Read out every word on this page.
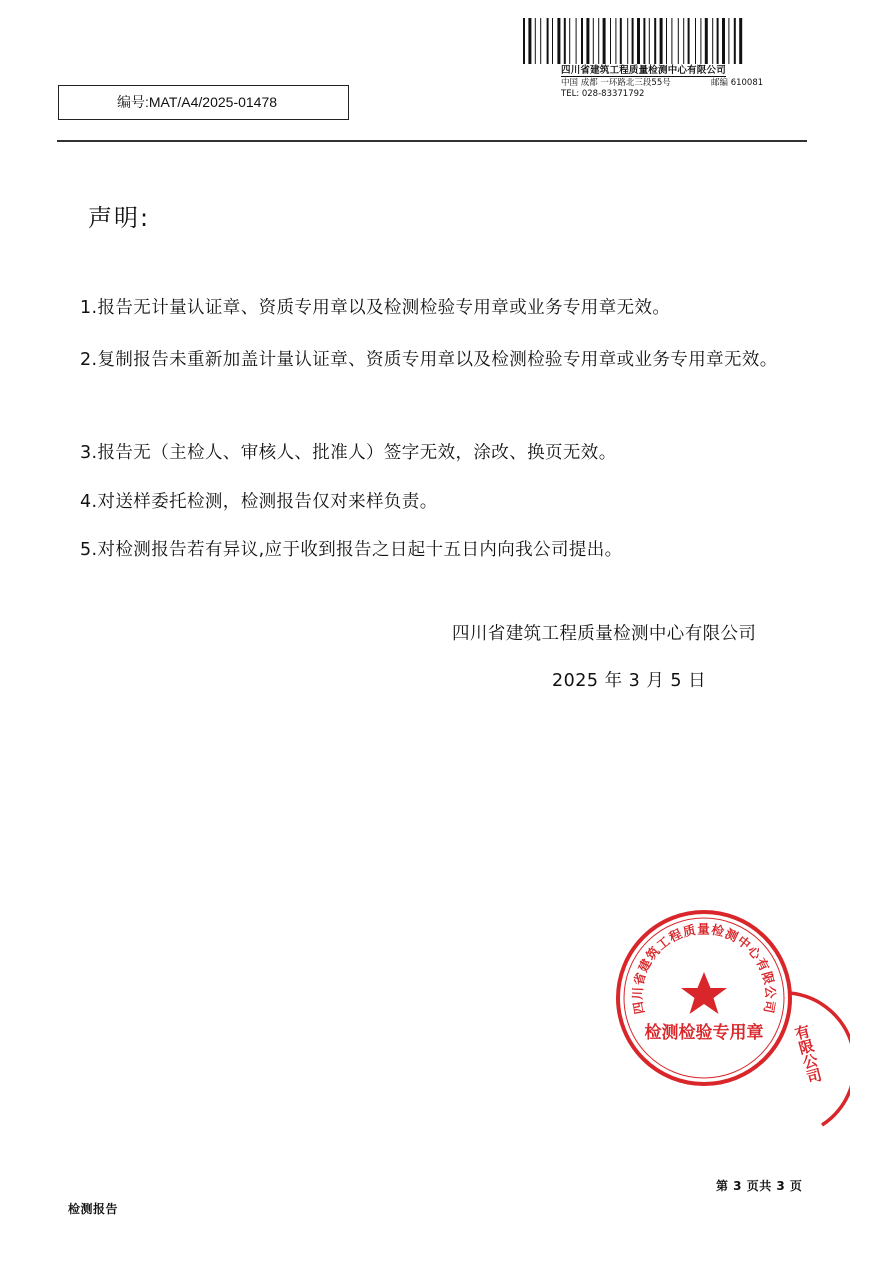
编号:MAT/A4/2025-01478
四川省建筑工程质量检测中心有限公司
中国 成都 一环路北三段55号	邮编 610081
TEL: 028-83371792
声明:
1.报告无计量认证章、资质专用章以及检测检验专用章或业务专用章无效。
2.复制报告未重新加盖计量认证章、资质专用章以及检测检验专用章或业务专用章无效。
3.报告无（主检人、审核人、批准人）签字无效，涂改、换页无效。
4.对送样委托检测，检测报告仅对来样负责。
5.对检测报告若有异议,应于收到报告之日起十五日内向我公司提出。
四川省建筑工程质量检测中心有限公司
2025 年 3 月 5 日
四川省建筑工程质量检测中心有限公司
检测检验专用章 有限公司
第 3 页共 3 页
检测报告
